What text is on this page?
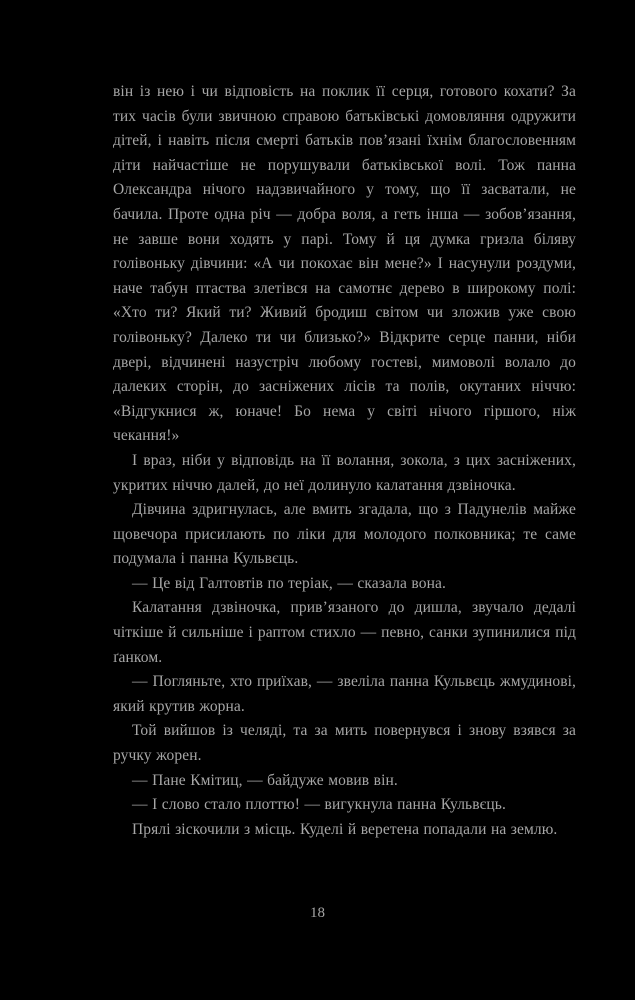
він із нею і чи відповість на поклик її серця, готового кохати? За тих часів були звичною справою батьківські домовляння одружити дітей, і навіть після смерті батьків пов’язані їхнім благословенням діти найчастіше не порушували батьківської волі. Тож панна Олександра нічого надзвичайного у тому, що її засватали, не бачила. Проте одна річ — добра воля, а геть інша — зобов’язання, не завше вони ходять у парі. Тому й ця думка гризла біляву голівоньку дівчини: «А чи покохає він мене?» І насунули роздуми, наче табун птаства злетівся на самотнє дерево в широкому полі: «Хто ти? Який ти? Живий бродиш світом чи зложив уже свою голівоньку? Далеко ти чи близько?» Відкрите серце панни, ніби двері, відчинені назустріч любому гостеві, мимоволі волало до далеких сторін, до засніжених лісів та полів, окутаних ніччю: «Відгукнися ж, юначе! Бо нема у світі нічого гіршого, ніж чекання!»

І враз, ніби у відповідь на її волання, зокола, з цих засніжених, укритих ніччю далей, до неї долинуло калатання дзвіночка.

Дівчина здригнулась, але вмить згадала, що з Падунелів майже щовечора присилають по ліки для молодого полковника; те саме подумала і панна Кульвєць.

— Це від Галтовтів по теріак, — сказала вона.

Калатання дзвіночка, прив’язаного до дишла, звучало дедалі чіткіше й сильніше і раптом стихло — певно, санки зупинилися під ґанком.

— Погляньте, хто приїхав, — звеліла панна Кульвєць жмудинові, який крутив жорна.

Той вийшов із челяді, та за мить повернувся і знову взявся за ручку жорен.

— Пане Кмітиц, — байдуже мовив він.

— І слово стало плоттю! — вигукнула панна Кульвєць.

Прялі зіскочили з місць. Куделі й веретена попадали на землю.

18
